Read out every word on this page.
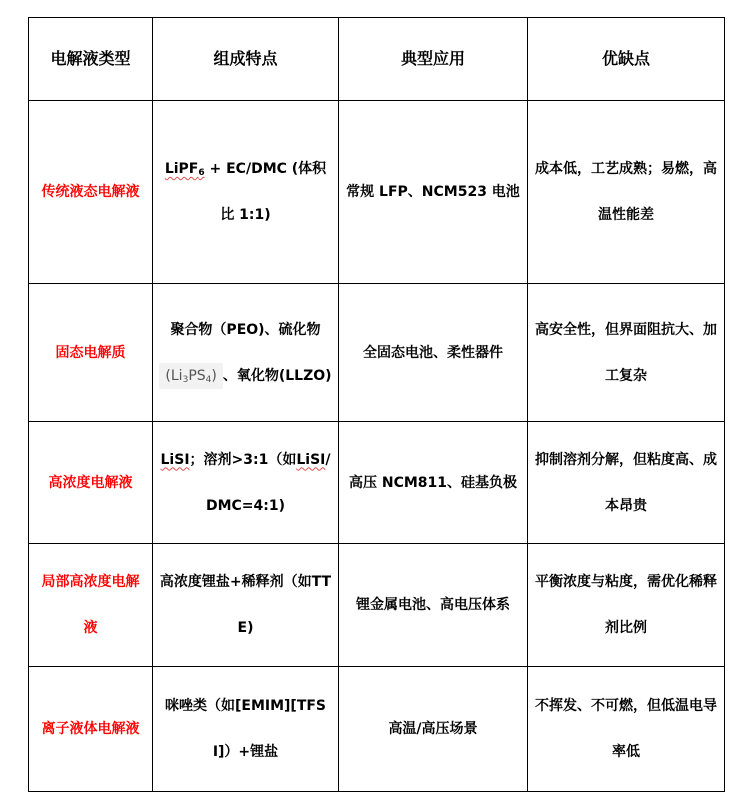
电解液类型	组成特点	典型应用	优缺点
传统液态电解液	LiPF$_6$ + EC/DMC (体积比 1:1)	常规 LFP、NCM523 电池	成本低，工艺成熟；易燃，高温性能差
固态电解质	聚合物（PEO)、硫化物$(Li_3PS_4)$ 、氧化物(LLZO)	全固态电池、柔性器件	高安全性，但界面阻抗大、加工复杂
高浓度电解液	LiSI；溶剂>3:1（如LiSI/DMC=4:1)	高压 NCM811、硅基负极	抑制溶剂分解，但粘度高、成本昂贵
局部高浓度电解液	高浓度锂盐+稀释剂（如TTE)	锂金属电池、高电压体系	平衡浓度与粘度，需优化稀释剂比例
离子液体电解液	咪唑类（如[EMIM][TFSI]）+锂盐	高温/高压场景	不挥发、不可燃，但低温电导率低
